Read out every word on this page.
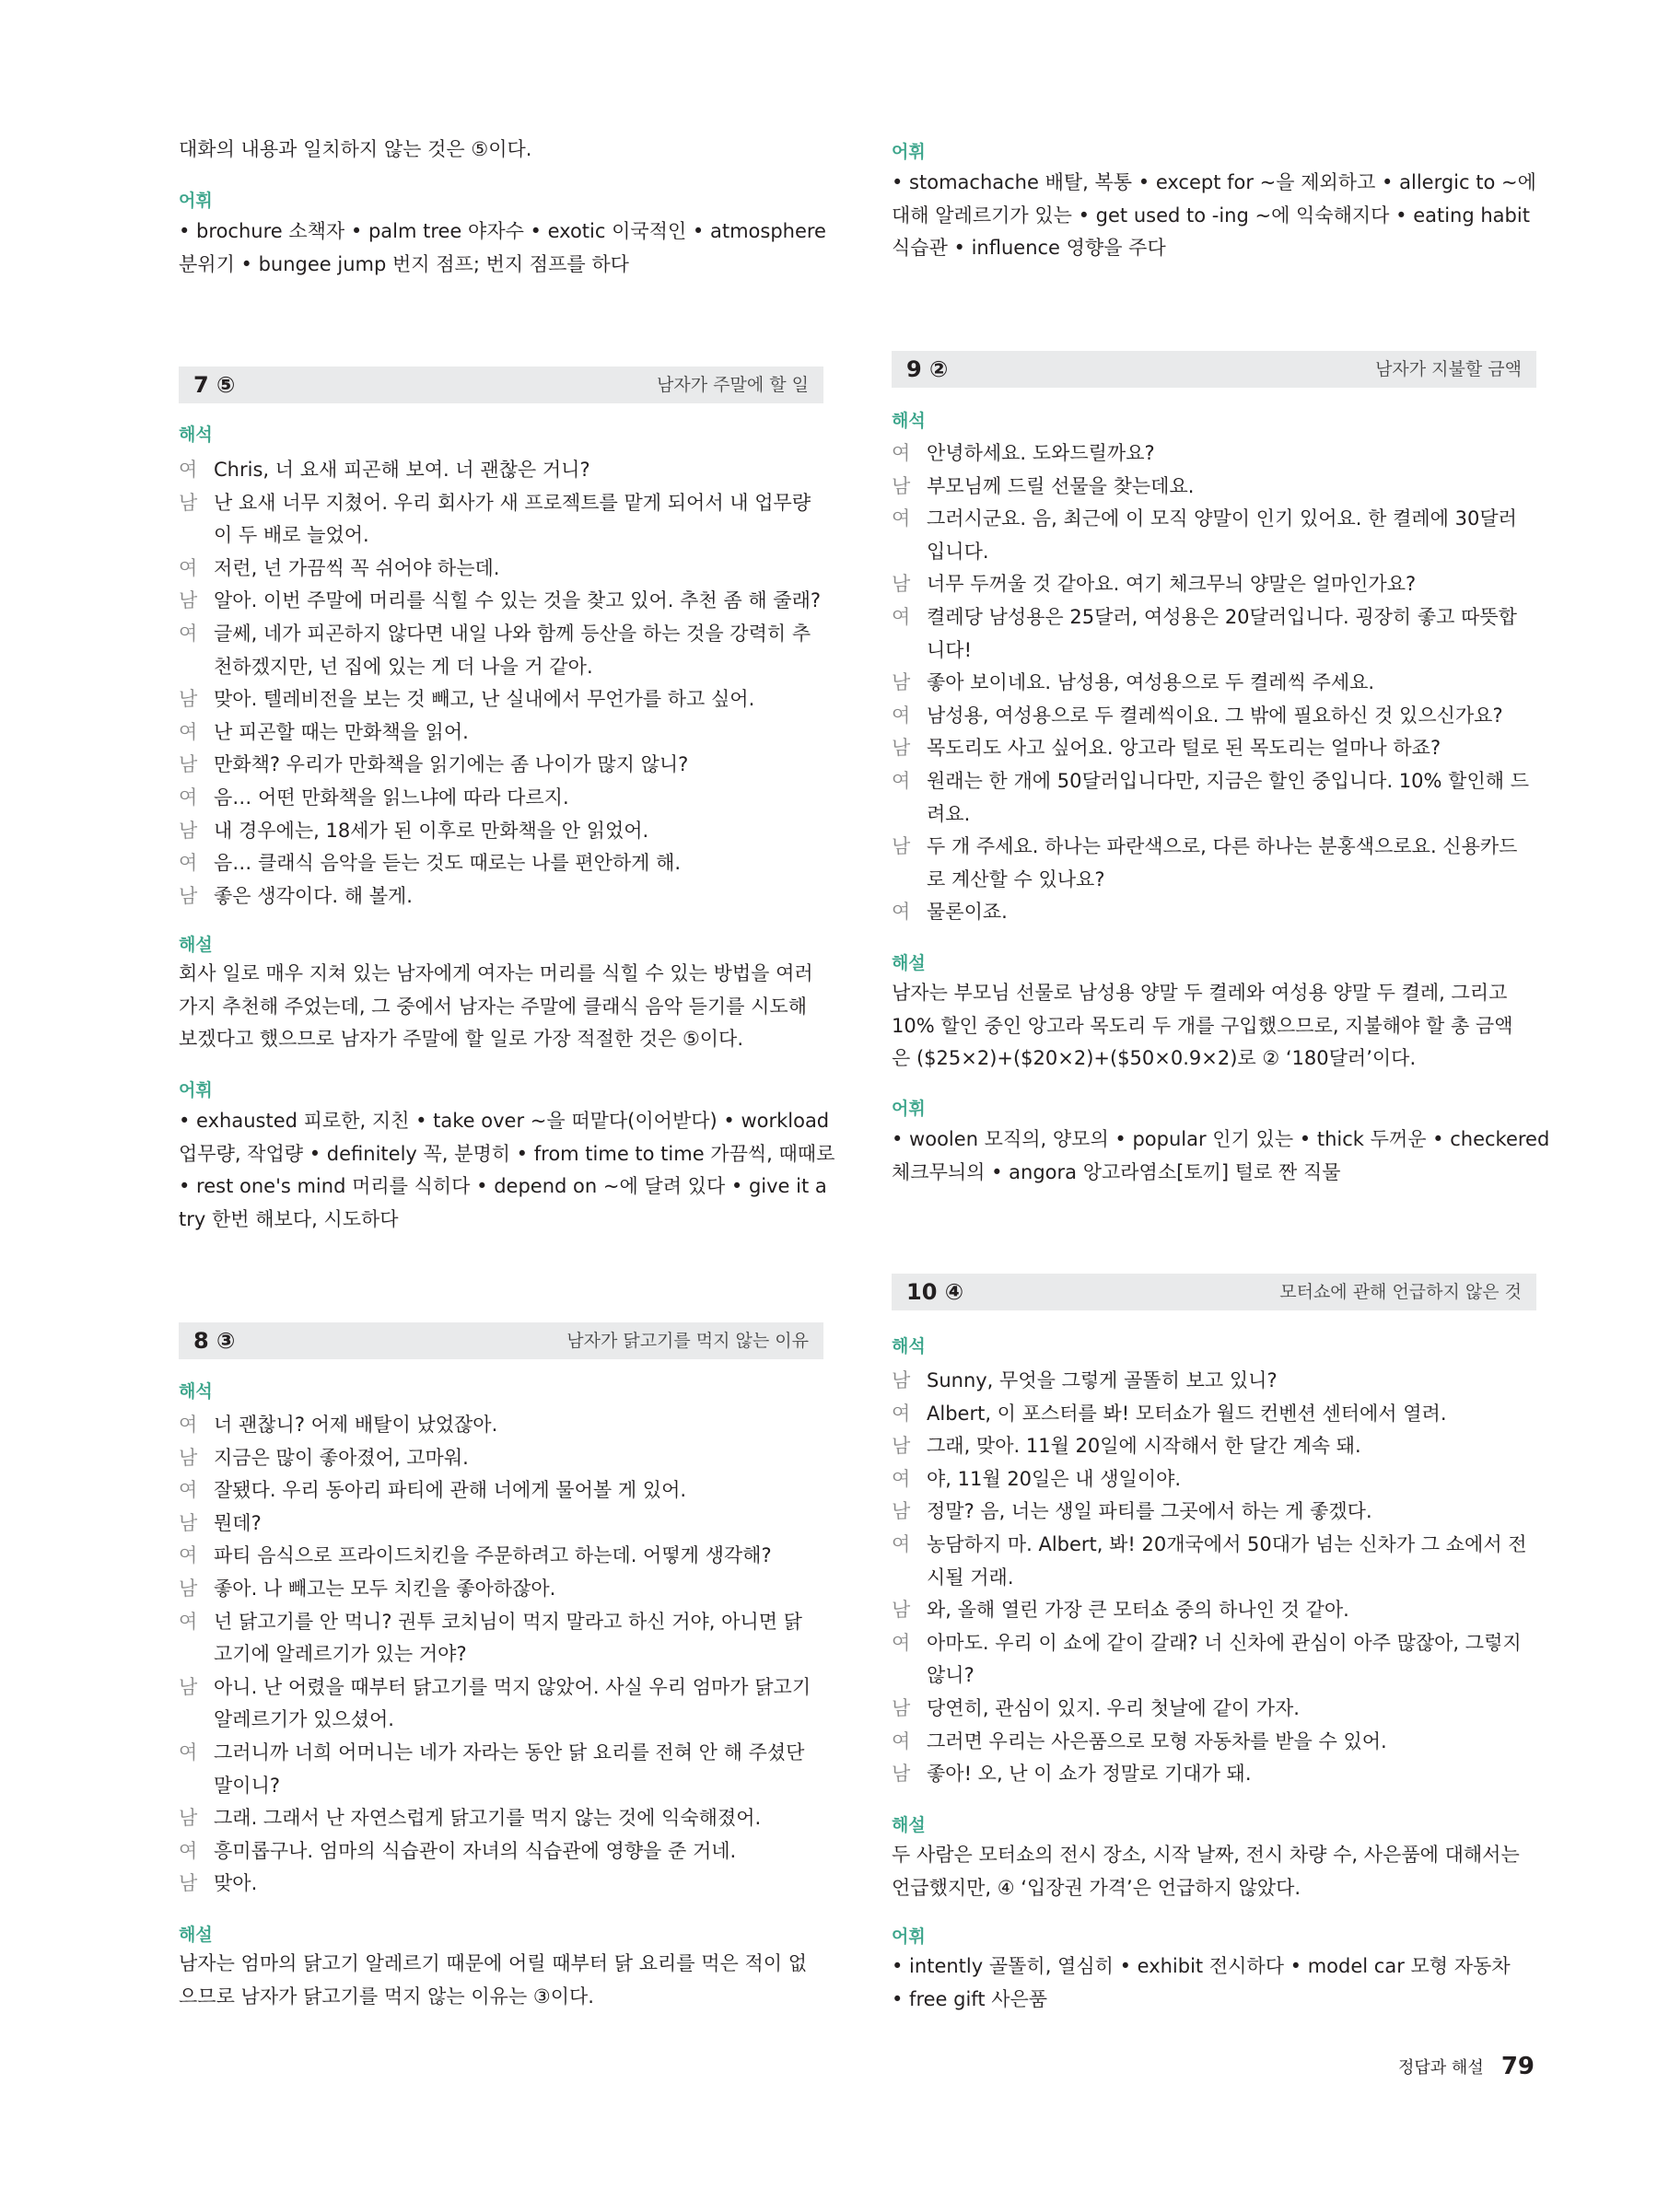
대화의 내용과 일치하지 않는 것은 ⑤이다.
어휘
• brochure 소책자 • palm tree 야자수 • exotic 이국적인 • atmosphere
분위기 • bungee jump 번지 점프; 번지 점프를 하다
7 ⑤	남자가 주말에 할 일
해석
여 Chris, 너 요새 피곤해 보여. 너 괜찮은 거니?
남 난 요새 너무 지쳤어. 우리 회사가 새 프로젝트를 맡게 되어서 내 업무량
이 두 배로 늘었어.
여 저런, 넌 가끔씩 꼭 쉬어야 하는데.
남 알아. 이번 주말에 머리를 식힐 수 있는 것을 찾고 있어. 추천 좀 해 줄래?
여 글쎄, 네가 피곤하지 않다면 내일 나와 함께 등산을 하는 것을 강력히 추
천하겠지만, 넌 집에 있는 게 더 나을 거 같아.
남 맞아. 텔레비전을 보는 것 빼고, 난 실내에서 무언가를 하고 싶어.
여 난 피곤할 때는 만화책을 읽어.
남 만화책? 우리가 만화책을 읽기에는 좀 나이가 많지 않니?
여 음… 어떤 만화책을 읽느냐에 따라 다르지.
남 내 경우에는, 18세가 된 이후로 만화책을 안 읽었어.
여 음… 클래식 음악을 듣는 것도 때로는 나를 편안하게 해.
남 좋은 생각이다. 해 볼게.
해설
회사 일로 매우 지쳐 있는 남자에게 여자는 머리를 식힐 수 있는 방법을 여러
가지 추천해 주었는데, 그 중에서 남자는 주말에 클래식 음악 듣기를 시도해
보겠다고 했으므로 남자가 주말에 할 일로 가장 적절한 것은 ⑤이다.
어휘
• exhausted 피로한, 지친 • take over ~을 떠맡다(이어받다) • workload
업무량, 작업량 • definitely 꼭, 분명히 • from time to time 가끔씩, 때때로
• rest one's mind 머리를 식히다 • depend on ~에 달려 있다 • give it a
try 한번 해보다, 시도하다
8 ③	남자가 닭고기를 먹지 않는 이유
해석
여 너 괜찮니? 어제 배탈이 났었잖아.
남 지금은 많이 좋아졌어, 고마워.
여 잘됐다. 우리 동아리 파티에 관해 너에게 물어볼 게 있어.
남 뭔데?
여 파티 음식으로 프라이드치킨을 주문하려고 하는데. 어떻게 생각해?
남 좋아. 나 빼고는 모두 치킨을 좋아하잖아.
여 넌 닭고기를 안 먹니? 권투 코치님이 먹지 말라고 하신 거야, 아니면 닭
고기에 알레르기가 있는 거야?
남 아니. 난 어렸을 때부터 닭고기를 먹지 않았어. 사실 우리 엄마가 닭고기
알레르기가 있으셨어.
여 그러니까 너희 어머니는 네가 자라는 동안 닭 요리를 전혀 안 해 주셨단
말이니?
남 그래. 그래서 난 자연스럽게 닭고기를 먹지 않는 것에 익숙해졌어.
여 흥미롭구나. 엄마의 식습관이 자녀의 식습관에 영향을 준 거네.
남 맞아.
해설
남자는 엄마의 닭고기 알레르기 때문에 어릴 때부터 닭 요리를 먹은 적이 없
으므로 남자가 닭고기를 먹지 않는 이유는 ③이다.
어휘
• stomachache 배탈, 복통 • except for ~을 제외하고 • allergic to ~에
대해 알레르기가 있는 • get used to -ing ~에 익숙해지다 • eating habit
식습관 • influence 영향을 주다
9 ②	남자가 지불할 금액
해석
여 안녕하세요. 도와드릴까요?
남 부모님께 드릴 선물을 찾는데요.
여 그러시군요. 음, 최근에 이 모직 양말이 인기 있어요. 한 켤레에 30달러
입니다.
남 너무 두꺼울 것 같아요. 여기 체크무늬 양말은 얼마인가요?
여 켤레당 남성용은 25달러, 여성용은 20달러입니다. 굉장히 좋고 따뜻합
니다!
남 좋아 보이네요. 남성용, 여성용으로 두 켤레씩 주세요.
여 남성용, 여성용으로 두 켤레씩이요. 그 밖에 필요하신 것 있으신가요?
남 목도리도 사고 싶어요. 앙고라 털로 된 목도리는 얼마나 하죠?
여 원래는 한 개에 50달러입니다만, 지금은 할인 중입니다. 10% 할인해 드
려요.
남 두 개 주세요. 하나는 파란색으로, 다른 하나는 분홍색으로요. 신용카드
로 계산할 수 있나요?
여 물론이죠.
해설
남자는 부모님 선물로 남성용 양말 두 켤레와 여성용 양말 두 켤레, 그리고
10% 할인 중인 앙고라 목도리 두 개를 구입했으므로, 지불해야 할 총 금액
은 ($25×2)+($20×2)+($50×0.9×2)로 ② ‘180달러’이다.
어휘
• woolen 모직의, 양모의 • popular 인기 있는 • thick 두꺼운 • checkered
체크무늬의 • angora 앙고라염소[토끼] 털로 짠 직물
10 ④	모터쇼에 관해 언급하지 않은 것
해석
남 Sunny, 무엇을 그렇게 골똘히 보고 있니?
여 Albert, 이 포스터를 봐! 모터쇼가 월드 컨벤션 센터에서 열려.
남 그래, 맞아. 11월 20일에 시작해서 한 달간 계속 돼.
여 야, 11월 20일은 내 생일이야.
남 정말? 음, 너는 생일 파티를 그곳에서 하는 게 좋겠다.
여 농담하지 마. Albert, 봐! 20개국에서 50대가 넘는 신차가 그 쇼에서 전
시될 거래.
남 와, 올해 열린 가장 큰 모터쇼 중의 하나인 것 같아.
여 아마도. 우리 이 쇼에 같이 갈래? 너 신차에 관심이 아주 많잖아, 그렇지
않니?
남 당연히, 관심이 있지. 우리 첫날에 같이 가자.
여 그러면 우리는 사은품으로 모형 자동차를 받을 수 있어.
남 좋아! 오, 난 이 쇼가 정말로 기대가 돼.
해설
두 사람은 모터쇼의 전시 장소, 시작 날짜, 전시 차량 수, 사은품에 대해서는
언급했지만, ④ ‘입장권 가격’은 언급하지 않았다.
어휘
• intently 골똘히, 열심히 • exhibit 전시하다 • model car 모형 자동차
• free gift 사은품
정답과 해설 79
